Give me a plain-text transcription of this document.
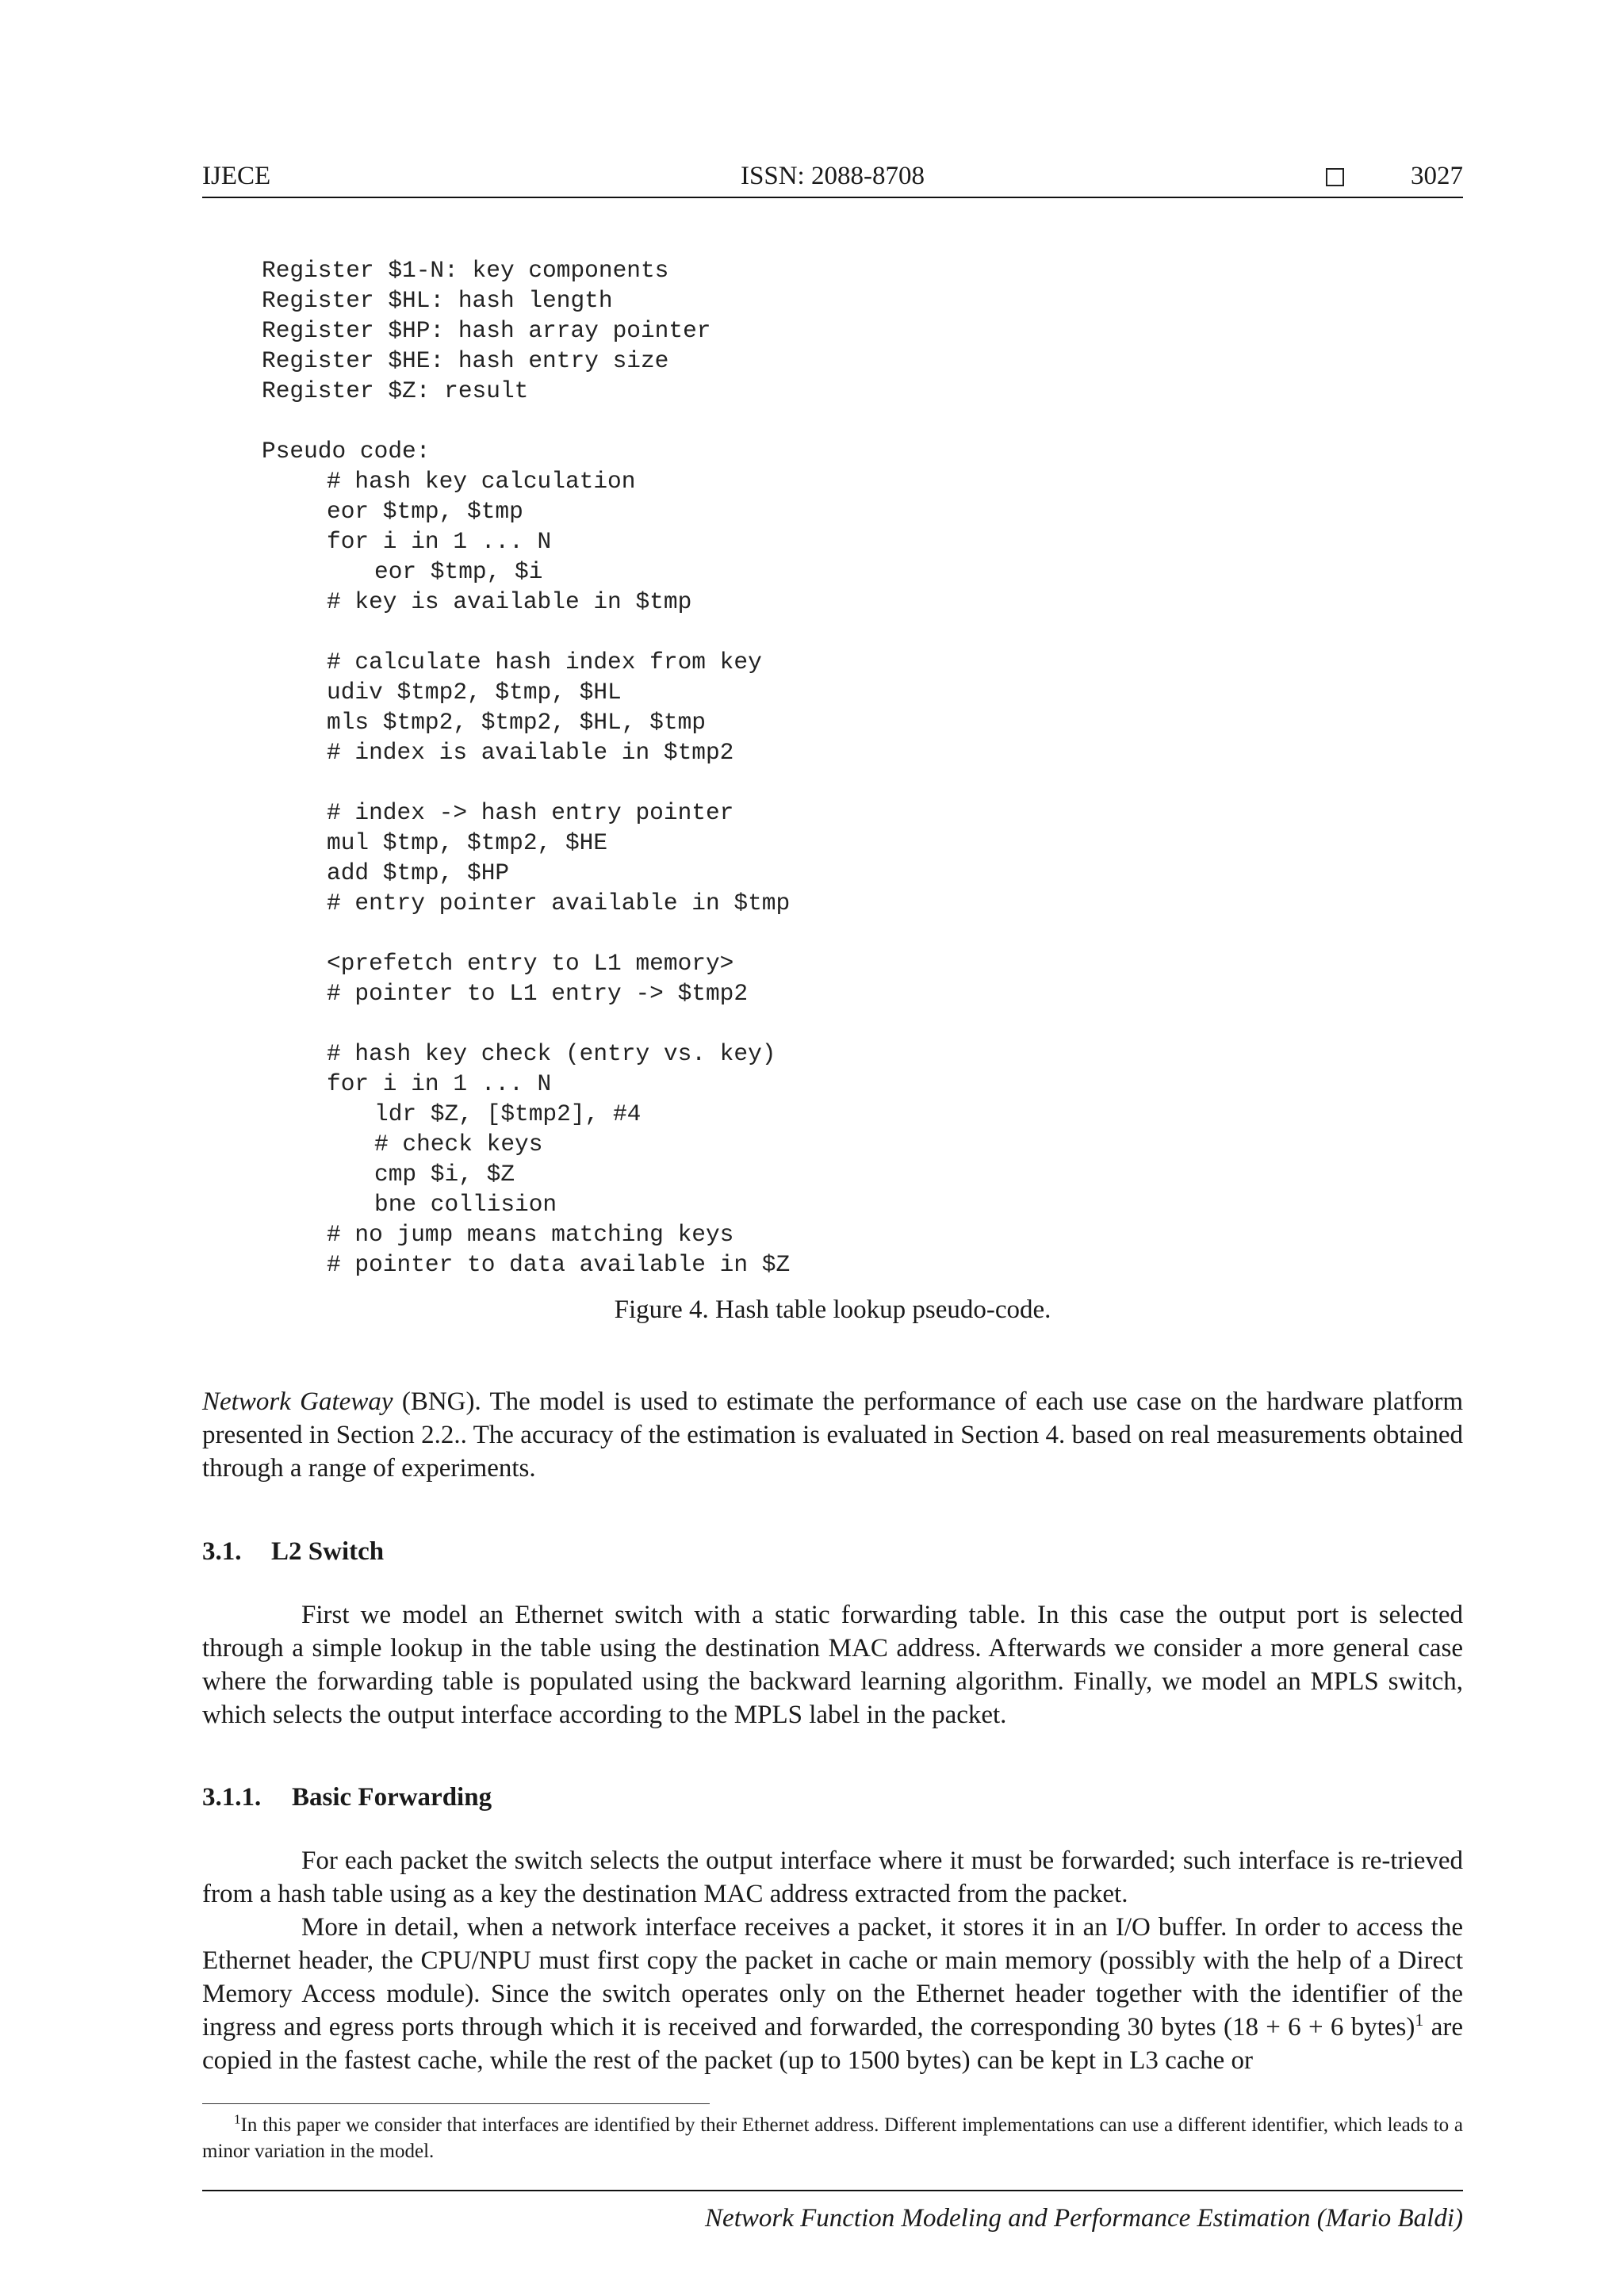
IJECE	ISSN: 2088-8708	3027
Register $1-N: key components
Register $HL: hash length
Register $HP: hash array pointer
Register $HE: hash entry size
Register $Z: result
Pseudo code:
# hash key calculation
eor $tmp, $tmp
for i in 1 ... N
eor $tmp, $i
# key is available in $tmp
# calculate hash index from key
udiv $tmp2, $tmp, $HL
mls $tmp2, $tmp2, $HL, $tmp
# index is available in $tmp2
# index -> hash entry pointer
mul $tmp, $tmp2, $HE
add $tmp, $HP
# entry pointer available in $tmp
<prefetch entry to L1 memory>
# pointer to L1 entry -> $tmp2
# hash key check (entry vs. key)
for i in 1 ... N
ldr $Z, [$tmp2], #4
# check keys
cmp $i, $Z
bne collision
# no jump means matching keys
# pointer to data available in $Z
Figure 4. Hash table lookup pseudo-code.

Network Gateway (BNG). The model is used to estimate the performance of each use case on the hardware platform presented in Section 2.2.. The accuracy of the estimation is evaluated in Section 4. based on real measurements obtained through a range of experiments.

3.1. L2 Switch

First we model an Ethernet switch with a static forwarding table. In this case the output port is selected through a simple lookup in the table using the destination MAC address. Afterwards we consider a more general case where the forwarding table is populated using the backward learning algorithm. Finally, we model an MPLS switch, which selects the output interface according to the MPLS label in the packet.

3.1.1. Basic Forwarding

For each packet the switch selects the output interface where it must be forwarded; such interface is re-trieved from a hash table using as a key the destination MAC address extracted from the packet.

More in detail, when a network interface receives a packet, it stores it in an I/O buffer. In order to access the Ethernet header, the CPU/NPU must first copy the packet in cache or main memory (possibly with the help of a Direct Memory Access module). Since the switch operates only on the Ethernet header together with the identifier of the ingress and egress ports through which it is received and forwarded, the corresponding 30 bytes (18 + 6 + 6 bytes)$^1$ are copied in the fastest cache, while the rest of the packet (up to 1500 bytes) can be kept in L3 cache or

$^1$In this paper we consider that interfaces are identified by their Ethernet address. Different implementations can use a different identifier, which leads to a minor variation in the model.
Network Function Modeling and Performance Estimation (Mario Baldi)
